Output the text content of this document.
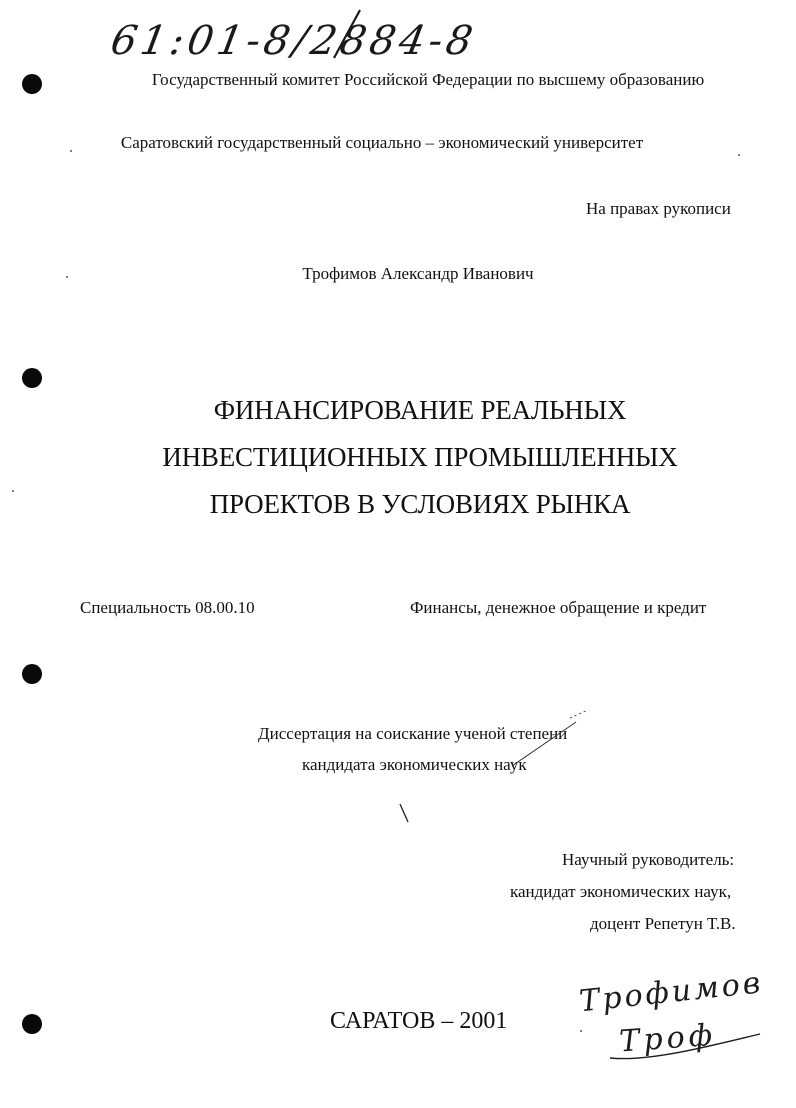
61:01-8/2884-8
Государственный комитет Российской Федерации по высшему образованию
Саратовский государственный социально – экономический университет
На правах рукописи
Трофимов Александр Иванович
ФИНАНСИРОВАНИЕ РЕАЛЬНЫХ
ИНВЕСТИЦИОННЫХ ПРОМЫШЛЕННЫХ
ПРОЕКТОВ В УСЛОВИЯХ РЫНКА
Специальность 08.00.10	Финансы, денежное обращение и кредит
Диссертация на соискание ученой степени
кандидата экономических наук
Научный руководитель:
кандидат экономических наук,
доцент Репетун Т.В.
САРАТОВ – 2001
Трофимов
Троф
